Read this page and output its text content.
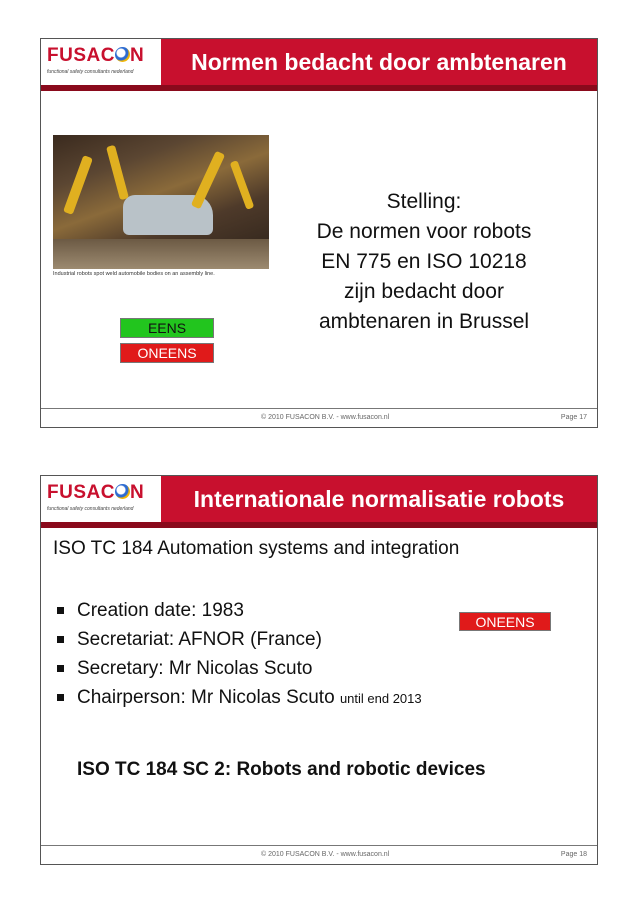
FUSAC N
functional safety consultants nederland	Normen bedacht door ambtenaren
Industrial robots spot weld automobile bodies on an assembly line.
Stelling:
De normen voor robots
EN 775 en ISO 10218
zijn bedacht door
ambtenaren in Brussel
EENS
ONEENS
© 2010 FUSACON B.V. - www.fusacon.nl	Page 17
FUSAC N
functional safety consultants nederland	Internationale normalisatie robots
ISO TC 184 Automation systems and integration
Creation date: 1983
Secretariat: AFNOR (France)
Secretary: Mr Nicolas Scuto
Chairperson: Mr Nicolas Scuto until end 2013
ONEENS
ISO TC 184 SC 2: Robots and robotic devices
© 2010 FUSACON B.V. - www.fusacon.nl	Page 18
